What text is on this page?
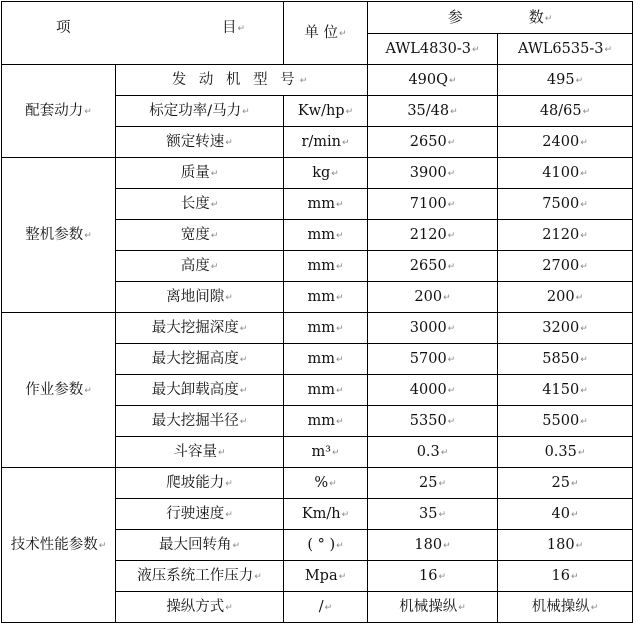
项 目↵		单 位↵	参 数↵	
			AWL4830-3↵	AWL6535-3↵
配套动力↵	发 动 机 型 号↵		490Q↵	495↵
	标定功率/马力↵	Kw/hp↵	35/48↵	48/65↵
	额定转速↵	r/min↵	2650↵	2400↵
整机参数↵	质量↵	kg↵	3900↵	4100↵
	长度↵	mm↵	7100↵	7500↵
	宽度↵	mm↵	2120↵	2120↵
	高度↵	mm↵	2650↵	2700↵
	离地间隙↵	mm↵	200↵	200↵
作业参数↵	最大挖掘深度↵	mm↵	3000↵	3200↵
	最大挖掘高度↵	mm↵	5700↵	5850↵
	最大卸载高度↵	mm↵	4000↵	4150↵
	最大挖掘半径↵	mm↵	5350↵	5500↵
	斗容量↵	m³↵	0.3↵	0.35↵
技术性能参数↵	爬坡能力↵	%↵	25↵	25↵
	行驶速度↵	Km/h↵	35↵	40↵
	最大回转角↵	( ° )↵	180↵	180↵
	液压系统工作压力↵	Mpa↵	16↵	16↵
	操纵方式↵	/↵	机械操纵↵	机械操纵↵
